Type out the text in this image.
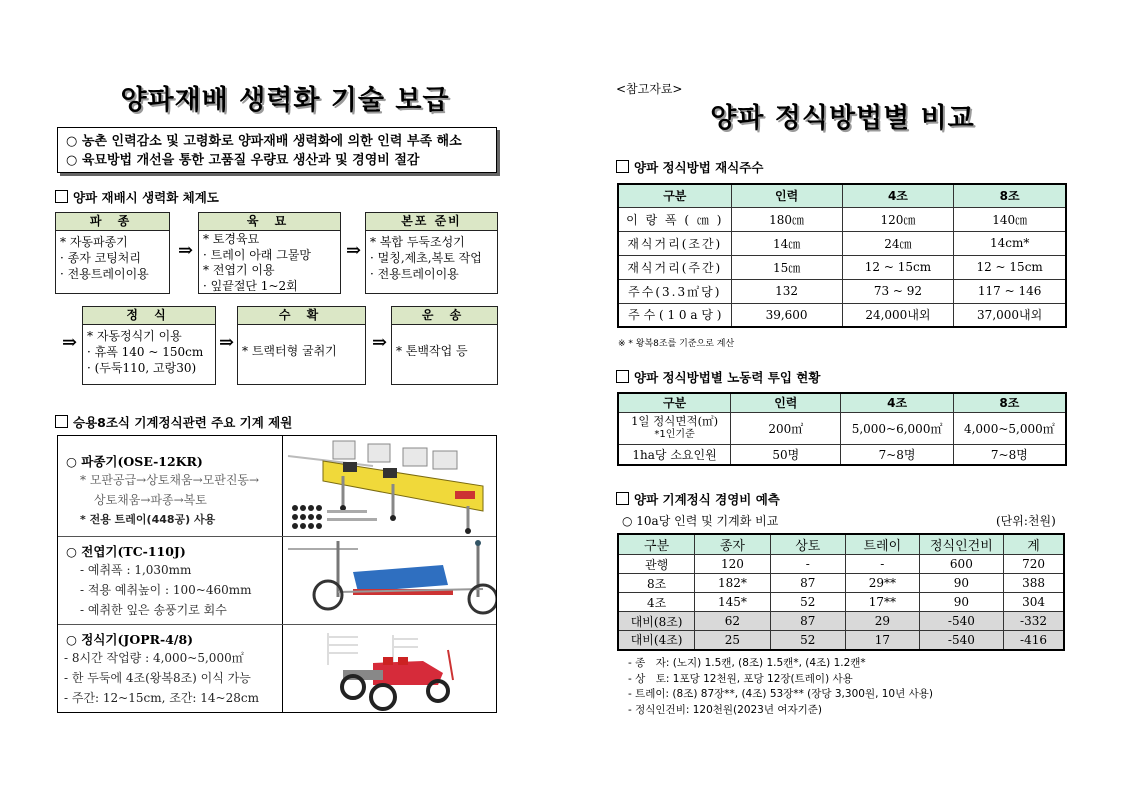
양파재배 생력화 기술 보급
○ 농촌 인력감소 및 고령화로 양파재배 생력화에 의한 인력 부족 해소
○ 육묘방법 개선을 통한 고품질 우량묘 생산과 및 경영비 절감
양파 재배시 생력화 체계도
파 종
* 자동파종기
· 종자 코팅처리
· 전용트레이이용
⇒
육 묘
* 토경육묘
· 트레이 아래 그물망
* 전엽기 이용
· 잎끝절단 1~2회
⇒
본포 준비
* 복합 두둑조성기
· 멀칭,제초,복토 작업
· 전용트레이이용
⇒
정 식
* 자동정식기 이용
· 휴폭 140 ~ 150cm
· (두둑110, 고랑30)
⇒
수 확
* 트랙터형 굴취기	⇒
운 송
* 톤백작업 등
승용8조식 기계정식관련 주요 기계 제원
○ 파종기(OSE-12KR)
* 모판공급→상토채움→모판진동→
상토채움→파종→복토
* 전용 트레이(448공) 사용
○ 전엽기(TC-110J)
- 예취폭 : 1,030mm
- 적용 예취높이 : 100~460mm
- 예취한 잎은 송풍기로 회수
○ 정식기(JOPR-4/8)
- 8시간 작업량 : 4,000~5,000㎡
- 한 두둑에 4조(왕복8조) 이식 가능
- 주간: 12~15cm, 조간: 14~28cm
<참고자료>
양파 정식방법별 비교
양파 정식방법 재식주수
구분	인력	4조	8조
이 랑 폭 ( ㎝ )	180㎝	120㎝	140㎝
재식거리(조간)	14㎝	24㎝	14cm*
재식거리(주간)	15㎝	12 ~ 15cm	12 ~ 15cm
주수(3.3㎡당)	132	73 ~ 92	117 ~ 146
주 수 ( 1 0 a 당 )	39,600	24,000내외	37,000내외
※ * 왕복8조를 기준으로 계산
양파 정식방법별 노동력 투입 현황
구분	인력	4조	8조

1일 정식면적(㎡)
*1인기준	200㎡	5,000~6,000㎡	4,000~5,000㎡
1ha당 소요인원	50명	7~8명	7~8명
양파 기계정식 경영비 예측
○ 10a당 인력 및 기계화 비교	(단위:천원)
구분	종자	상토	트레이	정식인건비	계
관행	120	-	-	600	720
8조	182*	87	29**	90	388
4조	145*	52	17**	90	304
대비(8조)	62	87	29	-540	-332
대비(4조)	25	52	17	-540	-416
- 종　자: (노지) 1.5캔, (8조) 1.5캔*, (4조) 1.2캔*
- 상　토: 1포당 12천원, 포당 12장(트레이) 사용
- 트레이: (8조) 87장**, (4조) 53장** (장당 3,300원, 10년 사용)
- 정식인건비: 120천원(2023년 여자기준)
